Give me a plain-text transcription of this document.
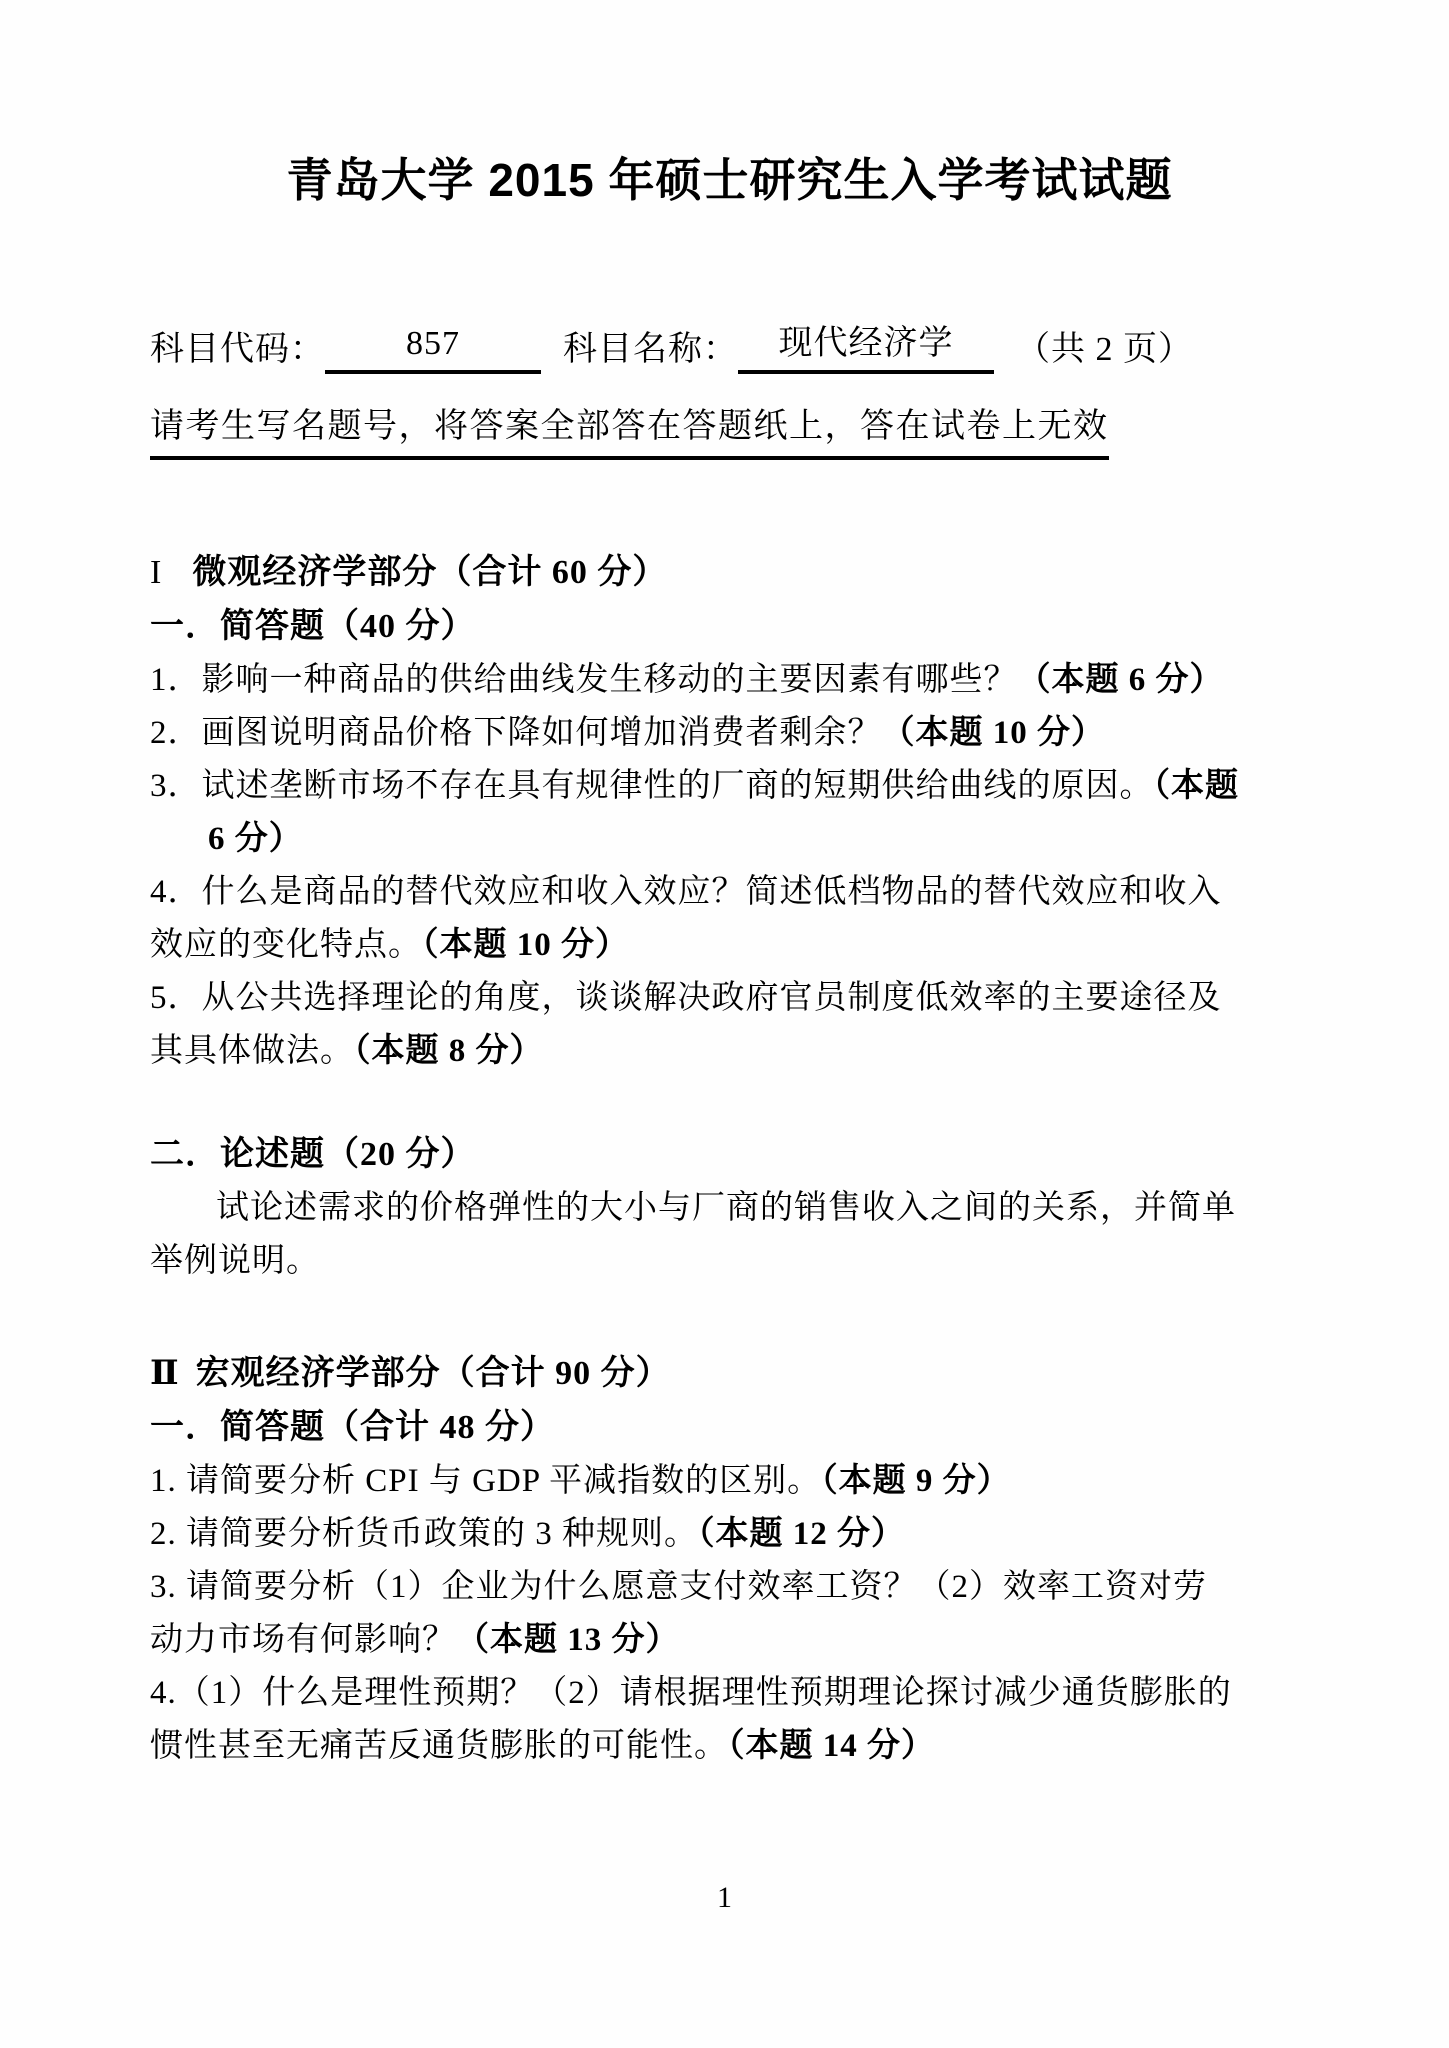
青岛大学 2015 年硕士研究生入学考试试题
科目代码： 857	科目名称： 现代经济学 （共 2 页）
请考生写名题号，将答案全部答在答题纸上，答在试卷上无效
I 微观经济学部分（合计 60 分）
一．简答题（40 分）
1．影响一种商品的供给曲线发生移动的主要因素有哪些？（本题 6 分）
2．画图说明商品价格下降如何增加消费者剩余？（本题 10 分）
3．试述垄断市场不存在具有规律性的厂商的短期供给曲线的原因。（本题
6 分）
4．什么是商品的替代效应和收入效应？简述低档物品的替代效应和收入
效应的变化特点。（本题 10 分）
5．从公共选择理论的角度，谈谈解决政府官员制度低效率的主要途径及
其具体做法。（本题 8 分）
二．论述题（20 分）
试论述需求的价格弹性的大小与厂商的销售收入之间的关系，并简单
举例说明。
Ⅱ 宏观经济学部分（合计 90 分）
一．简答题（合计 48 分）
1. 请简要分析 CPI 与 GDP 平减指数的区别。（本题 9 分）
2. 请简要分析货币政策的 3 种规则。（本题 12 分）
3. 请简要分析（1）企业为什么愿意支付效率工资？（2）效率工资对劳
动力市场有何影响？（本题 13 分）
4.（1）什么是理性预期？（2）请根据理性预期理论探讨减少通货膨胀的
惯性甚至无痛苦反通货膨胀的可能性。（本题 14 分）
1
